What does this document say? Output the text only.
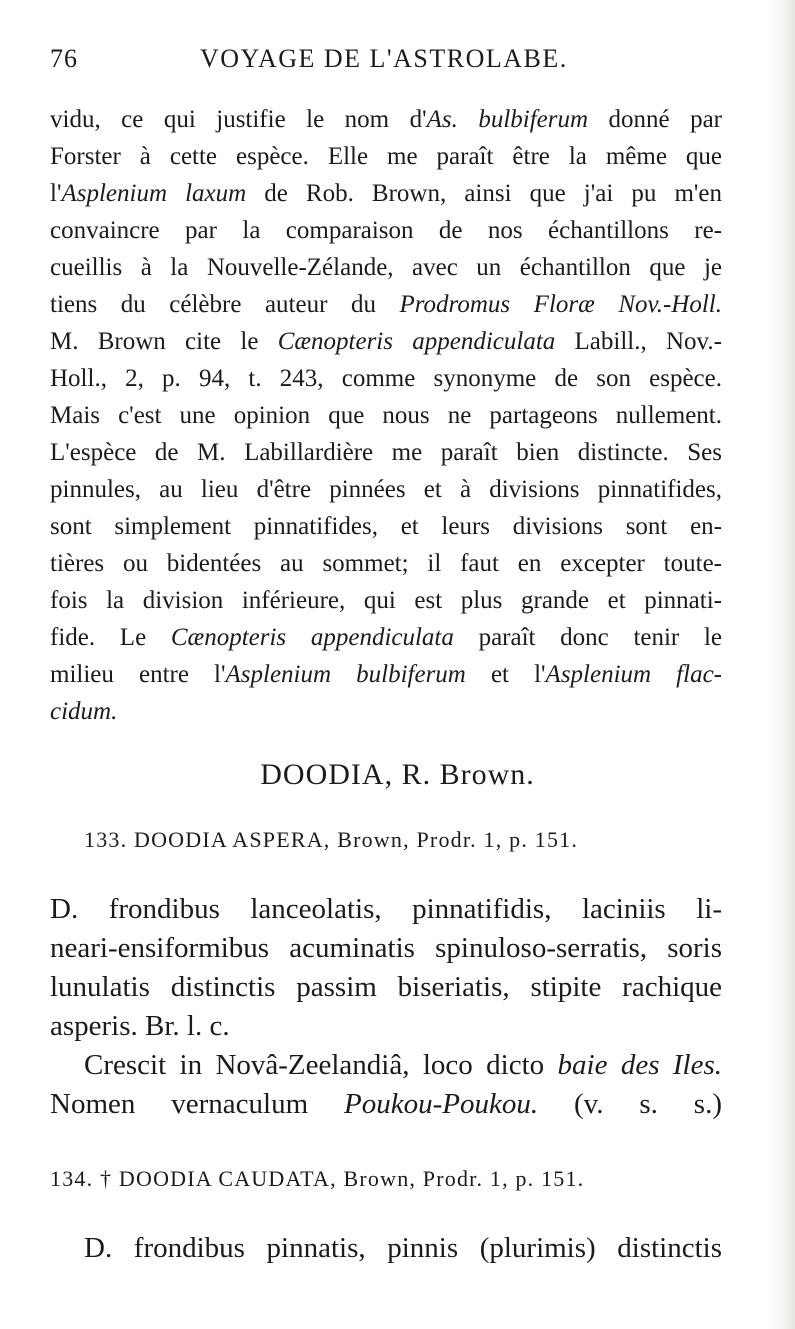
76	VOYAGE DE L'ASTROLABE.
vidu, ce qui justifie le nom d'As. bulbiferum donné par
Forster à cette espèce. Elle me paraît être la même que
l'Asplenium laxum de Rob. Brown, ainsi que j'ai pu m'en
convaincre par la comparaison de nos échantillons re-
cueillis à la Nouvelle-Zélande, avec un échantillon que je
tiens du célèbre auteur du Prodromus Floræ Nov.-Holl.
M. Brown cite le Cænopteris appendiculata Labill., Nov.-
Holl., 2, p. 94, t. 243, comme synonyme de son espèce.
Mais c'est une opinion que nous ne partageons nullement.
L'espèce de M. Labillardière me paraît bien distincte. Ses
pinnules, au lieu d'être pinnées et à divisions pinnatifides,
sont simplement pinnatifides, et leurs divisions sont en-
tières ou bidentées au sommet; il faut en excepter toute-
fois la division inférieure, qui est plus grande et pinnati-
fide. Le Cænopteris appendiculata paraît donc tenir le
milieu entre l'Asplenium bulbiferum et l'Asplenium flac-
cidum.
DOODIA, R. Brown.
133. DOODIA ASPERA, Brown, Prodr. 1, p. 151.
D. frondibus lanceolatis, pinnatifidis, laciniis li-
neari-ensiformibus acuminatis spinuloso-serratis, soris
lunulatis distinctis passim biseriatis, stipite rachique
asperis. Br. l. c.
Crescit in Novâ-Zeelandiâ, loco dicto baie des Iles.
Nomen vernaculum Poukou-Poukou. (v. s. s.)
134. † DOODIA CAUDATA, Brown, Prodr. 1, p. 151.
D. frondibus pinnatis, pinnis (plurimis) distinctis
